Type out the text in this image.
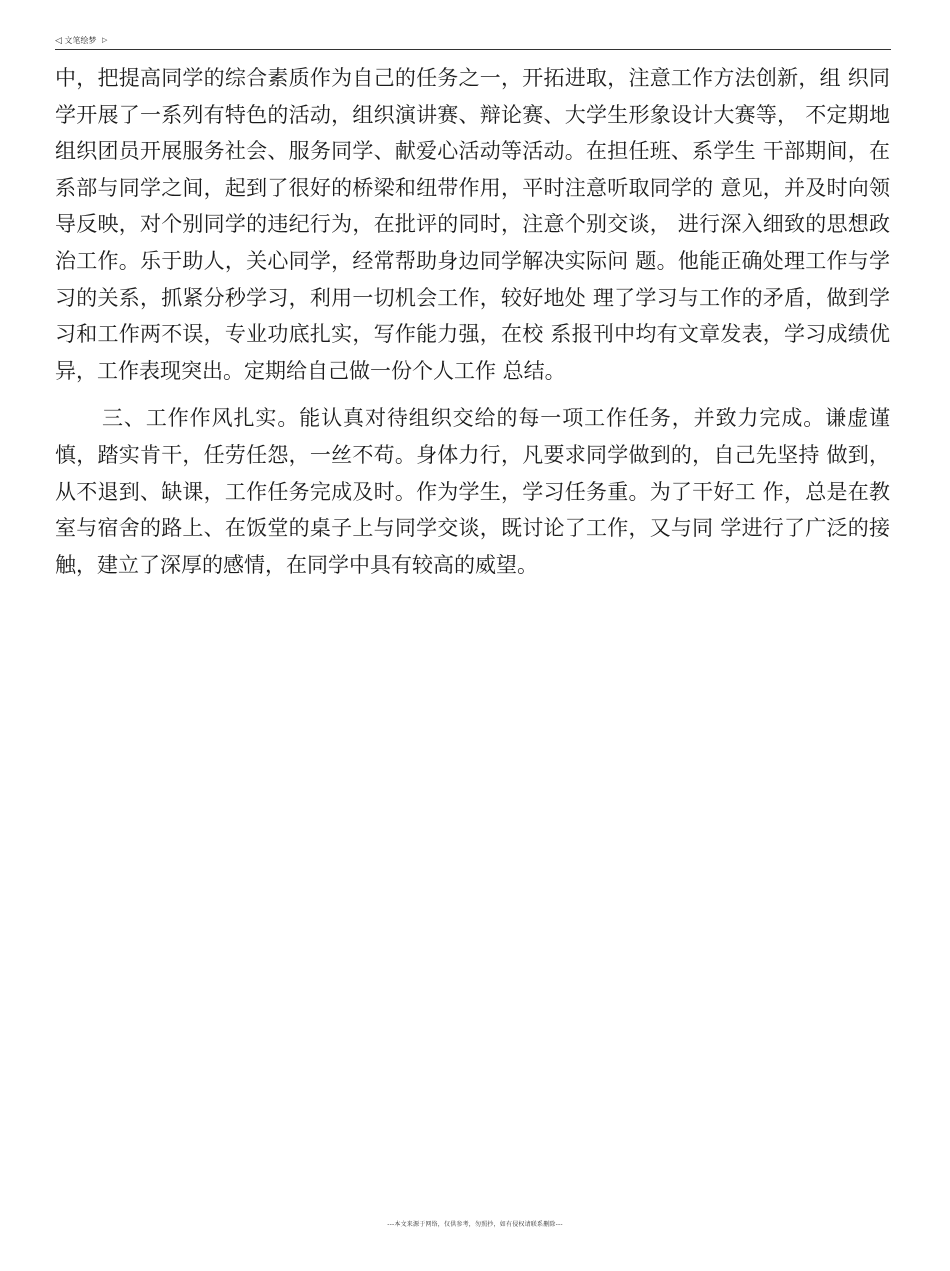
◁ 文笔绘梦 ▷

中，把提高同学的综合素质作为自己的任务之一，开拓进取，注意工作方法创新，组 织同学开展了一系列有特色的活动，组织演讲赛、辩论赛、大学生形象设计大赛等， 不定期地组织团员开展服务社会、服务同学、献爱心活动等活动。在担任班、系学生 干部期间，在系部与同学之间，起到了很好的桥梁和纽带作用，平时注意听取同学的 意见，并及时向领导反映，对个别同学的违纪行为，在批评的同时，注意个别交谈， 进行深入细致的思想政治工作。乐于助人，关心同学，经常帮助身边同学解决实际问 题。他能正确处理工作与学习的关系，抓紧分秒学习，利用一切机会工作，较好地处 理了学习与工作的矛盾，做到学习和工作两不误，专业功底扎实，写作能力强，在校 系报刊中均有文章发表，学习成绩优异，工作表现突出。定期给自己做一份个人工作 总结。

三、工作作风扎实。能认真对待组织交给的每一项工作任务，并致力完成。谦虚谨慎，踏实肯干，任劳任怨，一丝不苟。身体力行，凡要求同学做到的，自己先坚持 做到，从不退到、缺课，工作任务完成及时。作为学生，学习任务重。为了干好工 作，总是在教室与宿舍的路上、在饭堂的桌子上与同学交谈，既讨论了工作，又与同 学进行了广泛的接触，建立了深厚的感情，在同学中具有较高的威望。

---本文来源于网络，仅供参考，勿照抄，如有侵权请联系删除---
